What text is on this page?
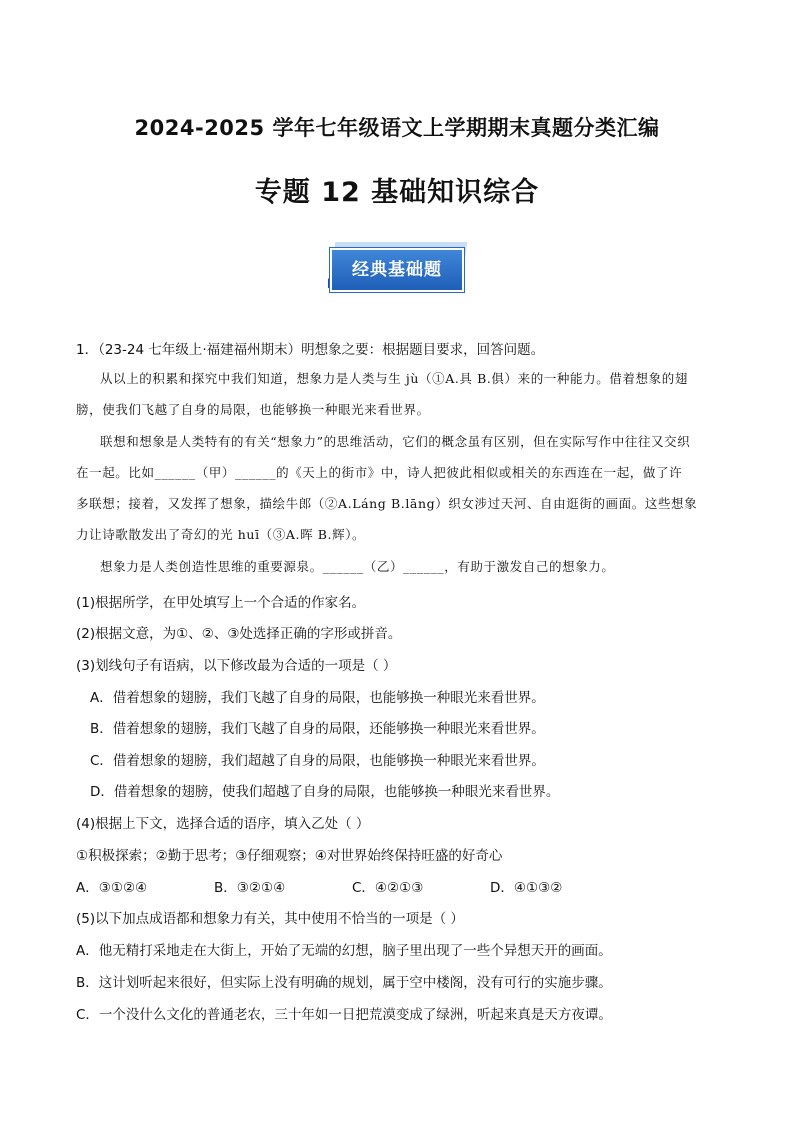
2024-2025 学年七年级语文上学期期末真题分类汇编
专题 12 基础知识综合
经典基础题
1．（23-24 七年级上·福建福州期末）明想象之要：根据题目要求，回答问题。
从以上的积累和探究中我们知道，想象力是人类与生 jù（①A.具 B.俱）来的一种能力。借着想象的翅
膀，使我们飞越了自身的局限，也能够换一种眼光来看世界。
联想和想象是人类特有的有关“想象力”的思维活动，它们的概念虽有区别，但在实际写作中往往又交织
在一起。比如______（甲）______的《天上的街市》中，诗人把彼此相似或相关的东西连在一起，做了许
多联想；接着，又发挥了想象，描绘牛郎（②A.Láng B.lāng）织女涉过天河、自由逛街的画面。这些想象
力让诗歌散发出了奇幻的光 huī（③A.晖 B.辉）。
想象力是人类创造性思维的重要源泉。______（乙）______，有助于激发自己的想象力。
(1)根据所学，在甲处填写上一个合适的作家名。
(2)根据文意，为①、②、③处选择正确的字形或拼音。
(3)划线句子有语病，以下修改最为合适的一项是（ ）
A．借着想象的翅膀，我们飞越了自身的局限，也能够换一种眼光来看世界。
B．借着想象的翅膀，我们飞越了自身的局限，还能够换一种眼光来看世界。
C．借着想象的翅膀，我们超越了自身的局限，也能够换一种眼光来看世界。
D．借着想象的翅膀，使我们超越了自身的局限，也能够换一种眼光来看世界。
(4)根据上下文，选择合适的语序，填入乙处（ ）
①积极探索；②勤于思考；③仔细观察；④对世界始终保持旺盛的好奇心
A．③①②④	B．③②①④	C．④②①③	D．④①③②
(5)以下加点成语都和想象力有关，其中使用不恰当的一项是（ ）
A．他无精打采地走在大街上，开始了无端的幻想，脑子里出现了一些个异想天开的画面。
B．这计划听起来很好，但实际上没有明确的规划，属于空中楼阁，没有可行的实施步骤。
C．一个没什么文化的普通老农，三十年如一日把荒漠变成了绿洲，听起来真是天方夜谭。
